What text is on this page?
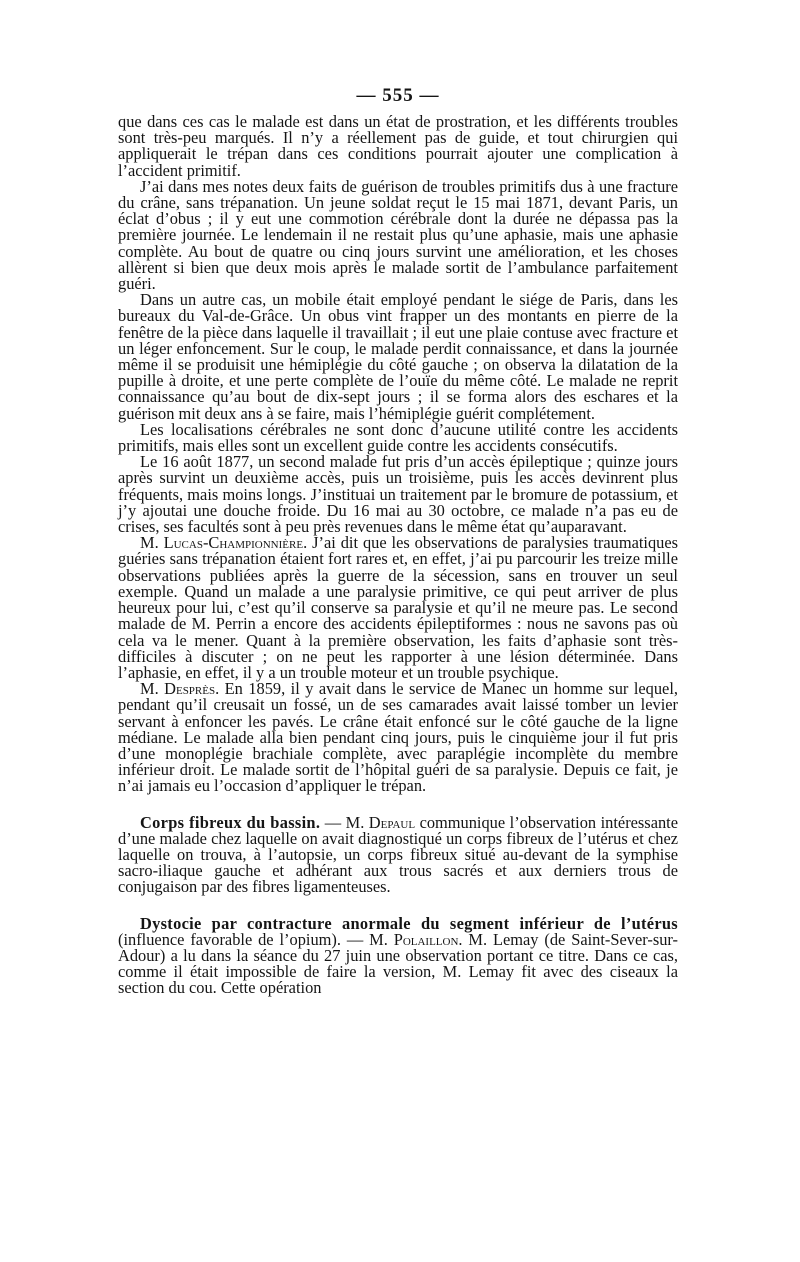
— 555 —

que dans ces cas le malade est dans un état de prostration, et les différents troubles sont très-peu marqués. Il n’y a réellement pas de guide, et tout chirurgien qui appliquerait le trépan dans ces conditions pourrait ajouter une complication à l’accident primitif.

J’ai dans mes notes deux faits de guérison de troubles primitifs dus à une fracture du crâne, sans trépanation. Un jeune soldat reçut le 15 mai 1871, devant Paris, un éclat d’obus ; il y eut une commotion cérébrale dont la durée ne dépassa pas la première journée. Le lendemain il ne restait plus qu’une aphasie, mais une aphasie complète. Au bout de quatre ou cinq jours survint une amélioration, et les choses allèrent si bien que deux mois après le malade sortit de l’ambulance parfaitement guéri.

Dans un autre cas, un mobile était employé pendant le siége de Paris, dans les bureaux du Val-de-Grâce. Un obus vint frapper un des montants en pierre de la fenêtre de la pièce dans laquelle il travaillait ; il eut une plaie contuse avec fracture et un léger enfoncement. Sur le coup, le malade perdit connaissance, et dans la journée même il se produisit une hémiplégie du côté gauche ; on observa la dilatation de la pupille à droite, et une perte complète de l’ouïe du même côté. Le malade ne reprit connaissance qu’au bout de dix-sept jours ; il se forma alors des eschares et la guérison mit deux ans à se faire, mais l’hémiplégie guérit complétement.

Les localisations cérébrales ne sont donc d’aucune utilité contre les accidents primitifs, mais elles sont un excellent guide contre les accidents consécutifs.

Le 16 août 1877, un second malade fut pris d’un accès épileptique ; quinze jours après survint un deuxième accès, puis un troisième, puis les accès devinrent plus fréquents, mais moins longs. J’instituai un traitement par le bromure de potassium, et j’y ajoutai une douche froide. Du 16 mai au 30 octobre, ce malade n’a pas eu de crises, ses facultés sont à peu près revenues dans le même état qu’auparavant.

M. Lucas-Championnière. J’ai dit que les observations de paralysies traumatiques guéries sans trépanation étaient fort rares et, en effet, j’ai pu parcourir les treize mille observations publiées après la guerre de la sécession, sans en trouver un seul exemple. Quand un malade a une paralysie primitive, ce qui peut arriver de plus heureux pour lui, c’est qu’il conserve sa paralysie et qu’il ne meure pas. Le second malade de M. Perrin a encore des accidents épileptiformes : nous ne savons pas où cela va le mener. Quant à la première observation, les faits d’aphasie sont très-difficiles à discuter ; on ne peut les rapporter à une lésion déterminée. Dans l’aphasie, en effet, il y a un trouble moteur et un trouble psychique.

M. Desprès. En 1859, il y avait dans le service de Manec un homme sur lequel, pendant qu’il creusait un fossé, un de ses camarades avait laissé tomber un levier servant à enfoncer les pavés. Le crâne était enfoncé sur le côté gauche de la ligne médiane. Le malade alla bien pendant cinq jours, puis le cinquième jour il fut pris d’une monoplégie brachiale complète, avec paraplégie incomplète du membre inférieur droit. Le malade sortit de l’hôpital guéri de sa paralysie. Depuis ce fait, je n’ai jamais eu l’occasion d’appliquer le trépan.

Corps fibreux du bassin. — M. Depaul communique l’observation intéressante d’une malade chez laquelle on avait diagnostiqué un corps fibreux de l’utérus et chez laquelle on trouva, à l’autopsie, un corps fibreux situé au-devant de la symphise sacro-iliaque gauche et adhérant aux trous sacrés et aux derniers trous de conjugaison par des fibres ligamenteuses.

Dystocie par contracture anormale du segment inférieur de l’utérus (influence favorable de l’opium). — M. Polaillon. M. Lemay (de Saint-Sever-sur-Adour) a lu dans la séance du 27 juin une observation portant ce titre. Dans ce cas, comme il était impossible de faire la version, M. Lemay fit avec des ciseaux la section du cou. Cette opération
